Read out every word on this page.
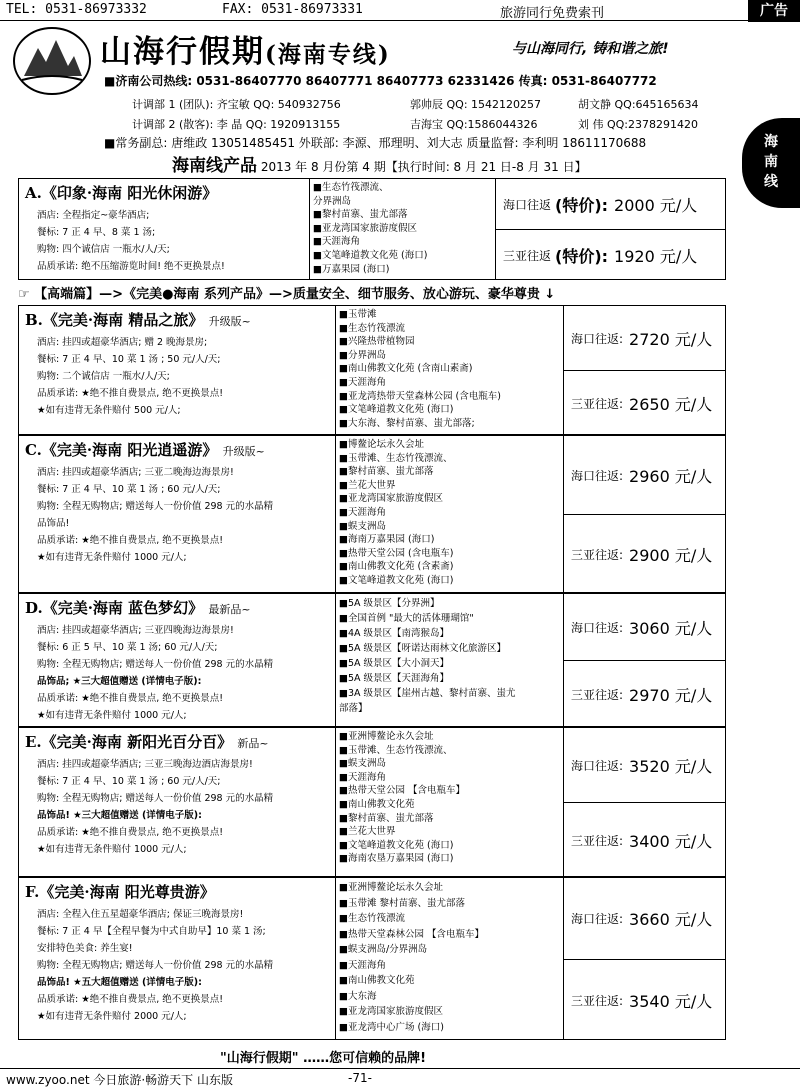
TEL: 0531-86973332	FAX: 0531-86973331	旅游同行免费索刊	广告
山海行假期(海南专线)	与山海同行, 铸和谐之旅!
■济南公司热线: 0531-86407770 86407771 86407773 62331426 传真: 0531-86407772
计调部 1 (团队): 齐宝敏 QQ: 540932756	郭帅辰 QQ: 1542120257	胡文静 QQ:645165634
计调部 2 (散客): 李 晶 QQ: 1920913155	吉海宝 QQ:1586044326	刘 伟 QQ:2378291420
■常务副总: 唐维政 13051485451 外联部: 李源、邢理明、刘大志 质量监督: 李利明 18611170688	海
南
线
海南线产品 2013 年 8 月份第 4 期【执行时间: 8 月 21 日-8 月 31 日】
A.《印象·海南 阳光休闲游》
酒店: 全程指定~豪华酒店;
餐标: 7 正 4 早、8 菜 1 汤;
购物: 四个诚信店 一瓶水/人/天;
品质承诺: 绝不压缩游览时间! 绝不更换景点!
■生态竹筏漂流、
分界洲岛
■黎村苗寨、蚩尤部落
■亚龙湾国家旅游度假区
■天涯海角
■文笔峰道教文化苑 (海口)
■万嘉果园 (海口)
海口往返 (特价): 2000 元/人
三亚往返 (特价): 1920 元/人
☞ 【高端篇】—>《完美●海南 系列产品》—>质量安全、细节服务、放心游玩、豪华尊贵 ↓
B.《完美·海南 精品之旅》 升级版~
酒店: 挂四或超豪华酒店; 赠 2 晚海景房;
餐标: 7 正 4 早、10 菜 1 汤 ; 50 元/人/天;
购物: 二个诚信店 一瓶水/人/天;
品质承诺: ★绝不推自费景点, 绝不更换景点!
★如有违背无条件赔付 500 元/人;
■玉带滩
■生态竹筏漂流
■兴隆热带植物园
■分界洲岛
■南山佛教文化苑 (含南山素斋)
■天涯海角
■亚龙湾热带天堂森林公园 (含电瓶车)
■文笔峰道教文化苑 (海口)
■大东海、黎村苗寨、蚩尤部落;
海口往返: 2720 元/人
三亚往返: 2650 元/人
C.《完美·海南 阳光逍遥游》 升级版~
酒店: 挂四或超豪华酒店; 三亚二晚海边海景房!
餐标: 7 正 4 早、10 菜 1 汤 ; 60 元/人/天;
购物: 全程无购物店; 赠送每人一份价值 298 元的水晶精
品饰品!
品质承诺: ★绝不推自费景点, 绝不更换景点!
★如有违背无条件赔付 1000 元/人;
■博鳌论坛永久会址
■玉带滩、生态竹筏漂流、
■黎村苗寨、蚩尤部落
■兰花大世界
■亚龙湾国家旅游度假区
■天涯海角
■蜈支洲岛
■海南万嘉果园 (海口)
■热带天堂公园 (含电瓶车)
■南山佛教文化苑 (含素斋)
■文笔峰道教文化苑 (海口)
海口往返: 2960 元/人
三亚往返: 2900 元/人
D.《完美·海南 蓝色梦幻》 最新品~
酒店: 挂四或超豪华酒店; 三亚四晚海边海景房!
餐标: 6 正 5 早、10 菜 1 汤; 60 元/人/天;
购物: 全程无购物店; 赠送每人一份价值 298 元的水晶精
品饰品; ★三大超值赠送 (详情电子版):
品质承诺: ★绝不推自费景点, 绝不更换景点!
★如有违背无条件赔付 1000 元/人;
■5A 级景区【分界洲】
■全国首例 "最大的活体珊瑚馆"
■4A 级景区【南湾猴岛】
■5A 级景区【呀诺达雨林文化旅游区】
■5A 级景区【大小洞天】
■5A 级景区【天涯海角】
■3A 级景区【崖州古越、黎村苗寨、蚩尤
部落】
海口往返: 3060 元/人
三亚往返: 2970 元/人
E.《完美·海南 新阳光百分百》 新品~
酒店: 挂四或超豪华酒店; 三亚三晚海边酒店海景房!
餐标: 7 正 4 早、10 菜 1 汤 ; 60 元/人/天;
购物: 全程无购物店; 赠送每人一份价值 298 元的水晶精
品饰品! ★三大超值赠送 (详情电子版):
品质承诺: ★绝不推自费景点, 绝不更换景点!
★如有违背无条件赔付 1000 元/人;
■亚洲博鳌论永久会址
■玉带滩、生态竹筏漂流、
■蜈支洲岛
■天涯海角
■热带天堂公园 【含电瓶车】
■南山佛教文化苑
■黎村苗寨、蚩尤部落
■兰花大世界
■文笔峰道教文化苑 (海口)
■海南农垦万嘉果园 (海口)
海口往返: 3520 元/人
三亚往返: 3400 元/人
F.《完美·海南 阳光尊贵游》
酒店: 全程入住五星超豪华酒店; 保证三晚海景房!
餐标: 7 正 4 早【全程早餐为中式自助早】10 菜 1 汤;
安排特色美食: 养生宴!
购物: 全程无购物店; 赠送每人一份价值 298 元的水晶精
品饰品! ★五大超值赠送 (详情电子版):
品质承诺: ★绝不推自费景点, 绝不更换景点!
★如有违背无条件赔付 2000 元/人;
■亚洲博鳌论坛永久会址
■玉带滩 黎村苗寨、蚩尤部落
■生态竹筏漂流
■热带天堂森林公园 【含电瓶车】
■蜈支洲岛/分界洲岛
■天涯海角
■南山佛教文化苑
■大东海
■亚龙湾国家旅游度假区
■亚龙湾中心广场 (海口)
海口往返: 3660 元/人
三亚往返: 3540 元/人
"山海行假期" ……您可信赖的品牌!
www.zyoo.net 今日旅游·畅游天下 山东版	-71-
